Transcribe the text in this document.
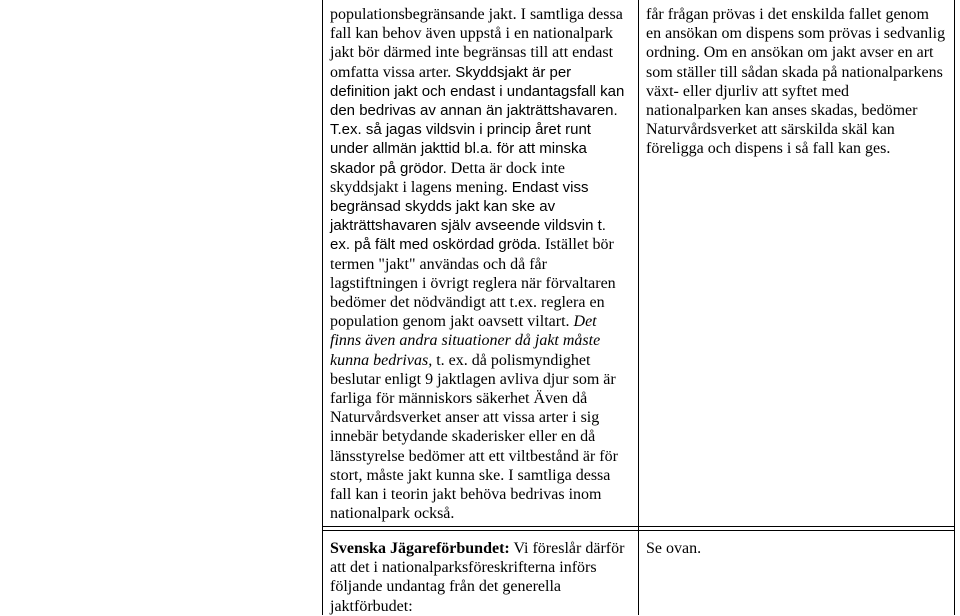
populationsbegränsande jakt. I samtliga dessa fall kan behov även uppstå i en nationalpark jakt bör därmed inte begränsas till att endast omfatta vissa arter. Skyddsjakt är per definition jakt och endast i undantagsfall kan den bedrivas av annan än jakträttshavaren. T.ex. så jagas vildsvin i princip året runt under allmän jakttid bl.a. för att minska skador på grödor. Detta är dock inte skyddsjakt i lagens mening. Endast viss begränsad skydds jakt kan ske av jakträttshavaren själv avseende vildsvin t. ex. på fält med oskördad gröda. Istället bör termen "jakt" användas och då får lagstiftningen i övrigt reglera när förvaltaren bedömer det nödvändigt att t.ex. reglera en population genom jakt oavsett viltart. Det finns även andra situationer då jakt måste kunna bedrivas, t. ex. då polismyndighet beslutar enligt 9 jaktlagen avliva djur som är farliga för människors säkerhet Även då Naturvårdsverket anser att vissa arter i sig innebär betydande skaderisker eller en då länsstyrelse bedömer att ett viltbestånd är för stort, måste jakt kunna ske. I samtliga dessa fall kan i teorin jakt behöva bedrivas inom nationalpark också.

får frågan prövas i det enskilda fallet genom en ansökan om dispens som prövas i sedvanlig ordning. Om en ansökan om jakt avser en art som ställer till sådan skada på nationalparkens växt- eller djurliv att syftet med nationalparken kan anses skadas, bedömer Naturvårdsverket att särskilda skäl kan föreligga och dispens i så fall kan ges.

Svenska Jägareförbundet: Vi föreslår därför att det i nationalparksföreskrifterna införs följande undantag från det generella jaktförbudet:

Se ovan.
